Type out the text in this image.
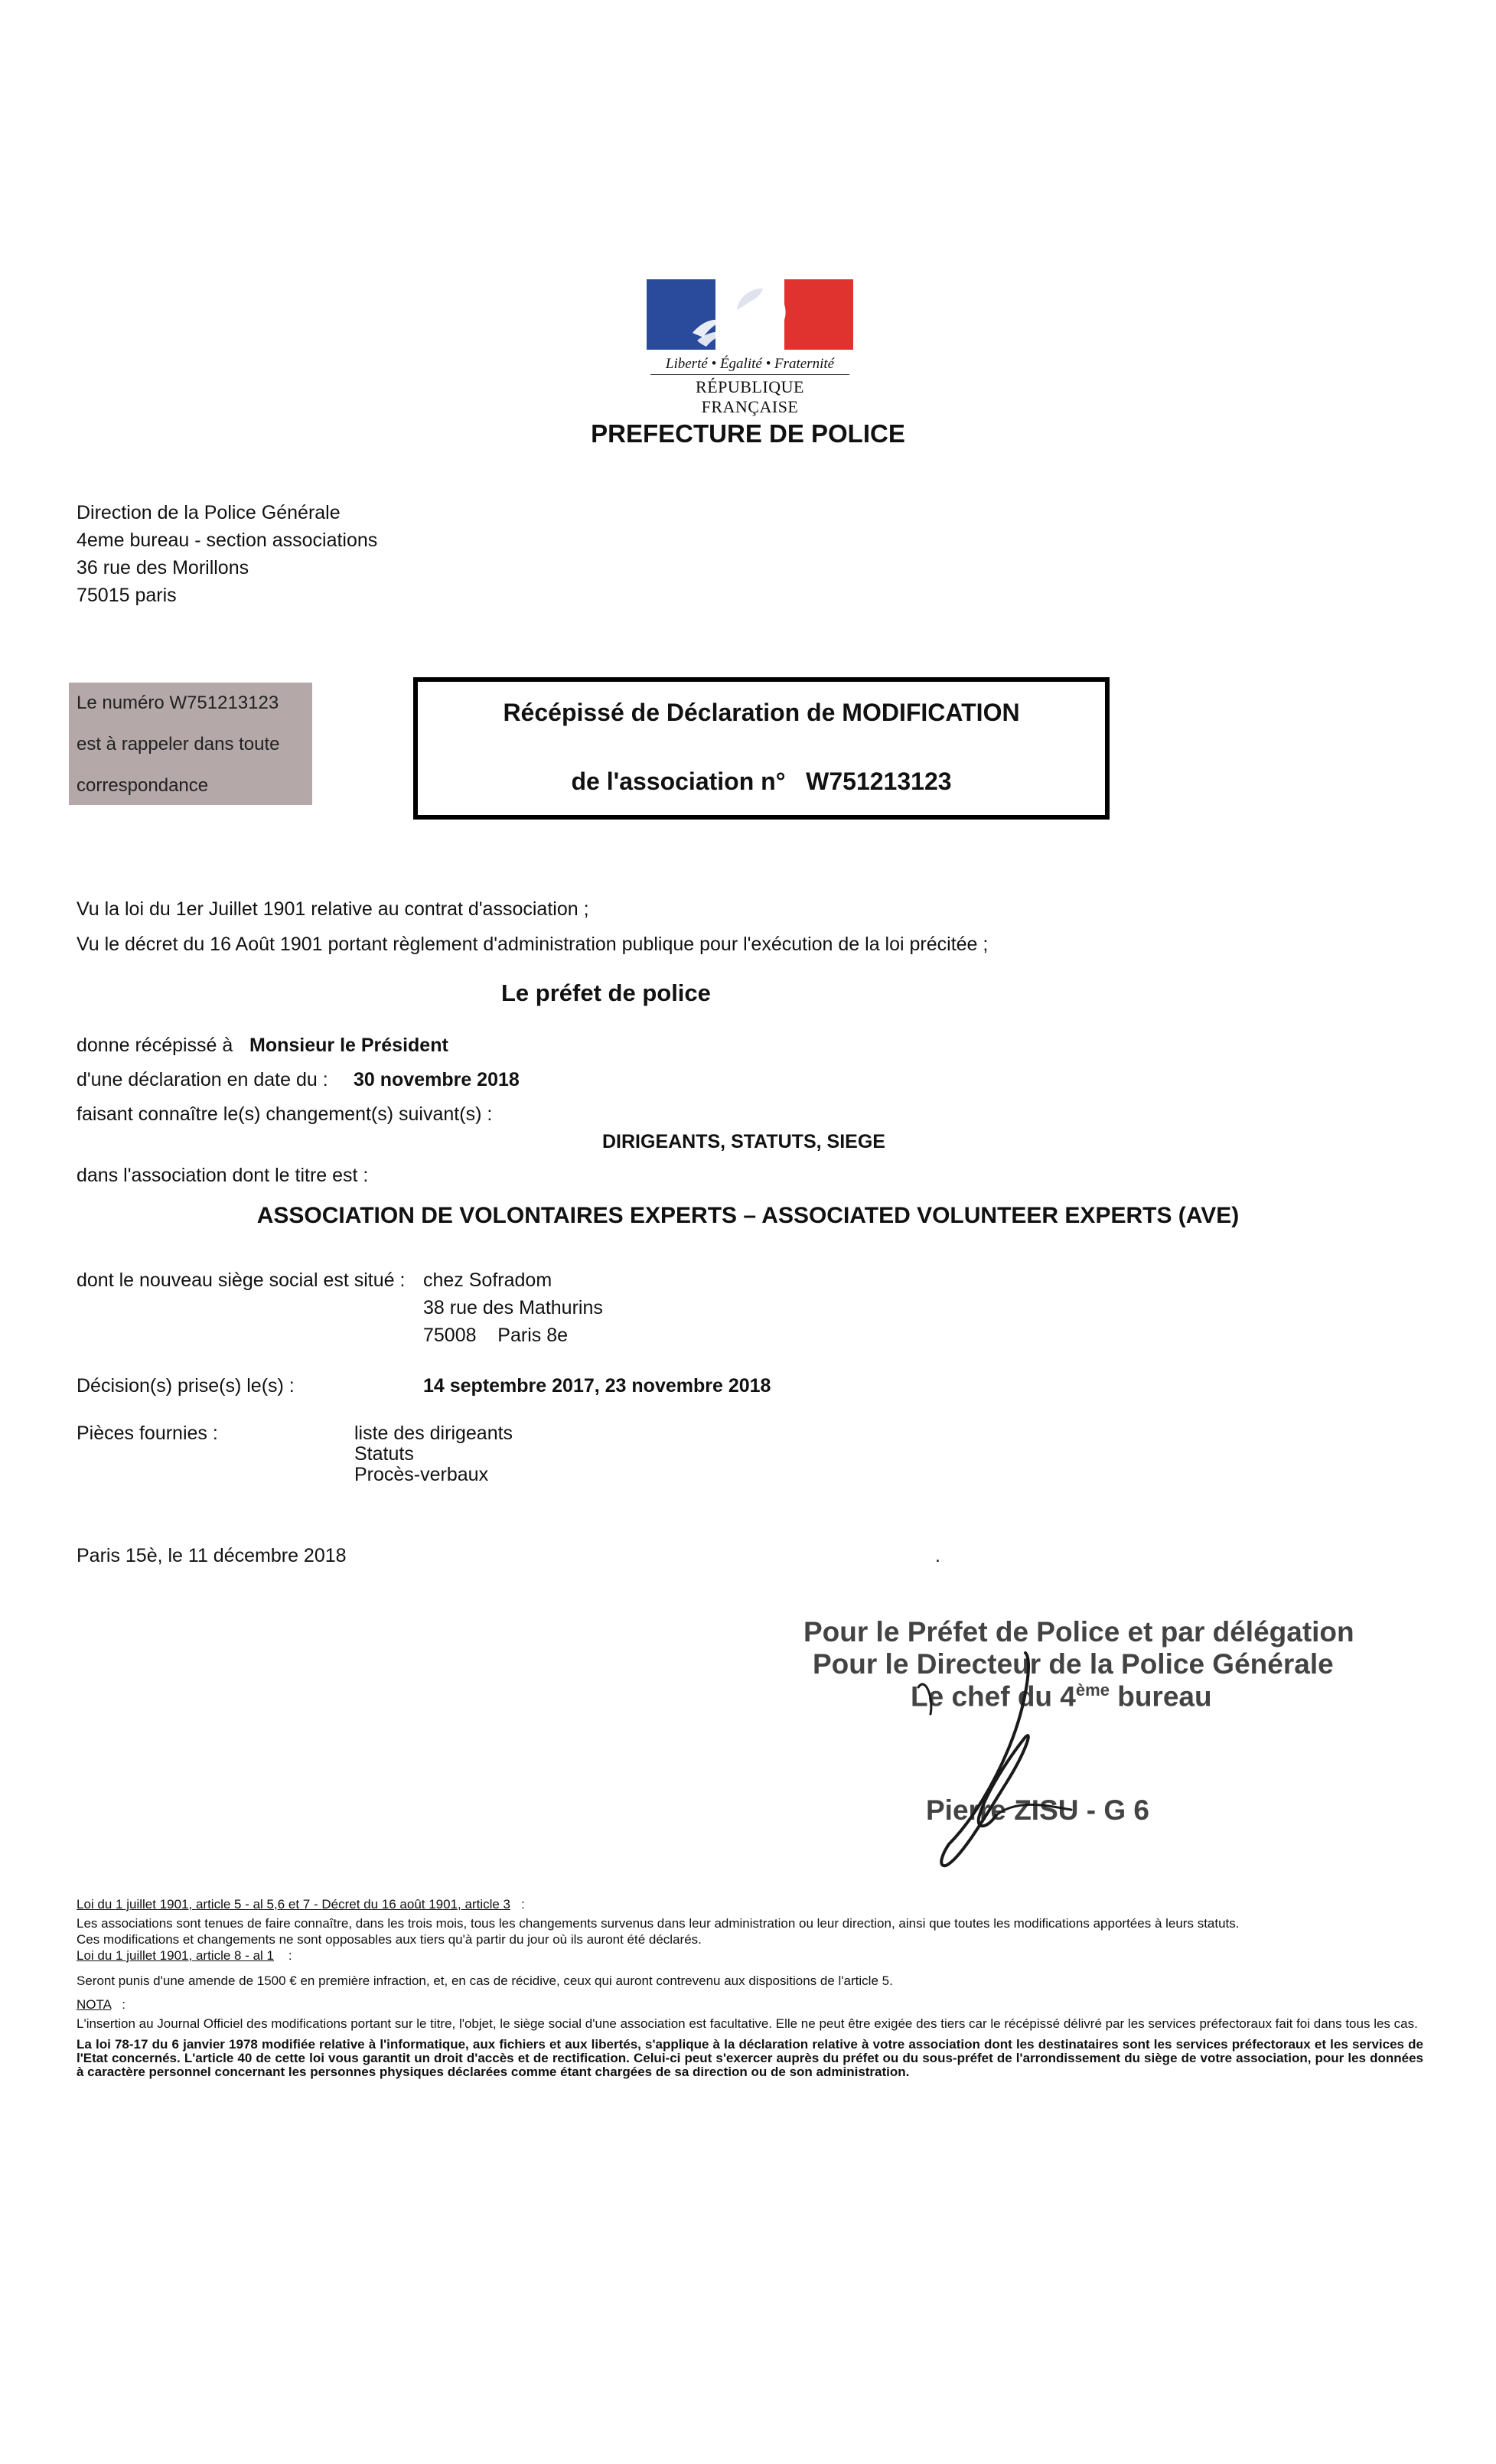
Liberté • Égalité • Fraternité
RÉPUBLIQUE FRANÇAISE
PREFECTURE DE POLICE
Direction de la Police Générale
4eme bureau - section associations
36 rue des Morillons
75015 paris
Le numéro W751213123
est à rappeler dans toute
correspondance
Récépissé de Déclaration de MODIFICATION
de l'association n° W751213123
Vu la loi du 1er Juillet 1901 relative au contrat d'association ;
Vu le décret du 16 Août 1901 portant règlement d'administration publique pour l'exécution de la loi précitée ;
Le préfet de police
donne récépissé à Monsieur le Président
d'une déclaration en date du : 30 novembre 2018
faisant connaître le(s) changement(s) suivant(s) :
DIRIGEANTS, STATUTS, SIEGE
dans l'association dont le titre est :
ASSOCIATION DE VOLONTAIRES EXPERTS – ASSOCIATED VOLUNTEER EXPERTS (AVE)
dont le nouveau siège social est situé : chez Sofradom
38 rue des Mathurins
75008    Paris 8e
Décision(s) prise(s) le(s) :	14 septembre 2017, 23 novembre 2018
Pièces fournies :	liste des dirigeants
Statuts
Procès-verbaux
Paris 15è, le 11 décembre 2018	.
Pour le Préfet de Police et par délégation
Pour le Directeur de la Police Générale
Le chef du 4ème bureau
Pierre ZISU - G 6
Loi du 1 juillet 1901, article 5 - al 5,6 et 7 - Décret du 16 août 1901, article 3   :
Les associations sont tenues de faire connaître, dans les trois mois, tous les changements survenus dans leur administration ou leur direction, ainsi que toutes les modifications apportées à leurs statuts.
Ces modifications et changements ne sont opposables aux tiers qu'à partir du jour où ils auront été déclarés.
Loi du 1 juillet 1901, article 8 - al 1    :
Seront punis d'une amende de 1500 € en première infraction, et, en cas de récidive, ceux qui auront contrevenu aux dispositions de l'article 5.
NOTA   :
L'insertion au Journal Officiel des modifications portant sur le titre, l'objet, le siège social d'une association est facultative. Elle ne peut être exigée des tiers car le récépissé délivré par les services préfectoraux fait foi dans tous les cas.
La loi 78-17 du 6 janvier 1978 modifiée relative à l'informatique, aux fichiers et aux libertés, s'applique à la déclaration relative à votre association dont les destinataires sont les services préfectoraux et les services de l'Etat concernés. L'article 40 de cette loi vous garantit un droit d'accès et de rectification. Celui-ci peut s'exercer auprès du préfet ou du sous-préfet de l'arrondissement du siège de votre association, pour les données à caractère personnel concernant les personnes physiques déclarées comme étant chargées de sa direction ou de son administration.
